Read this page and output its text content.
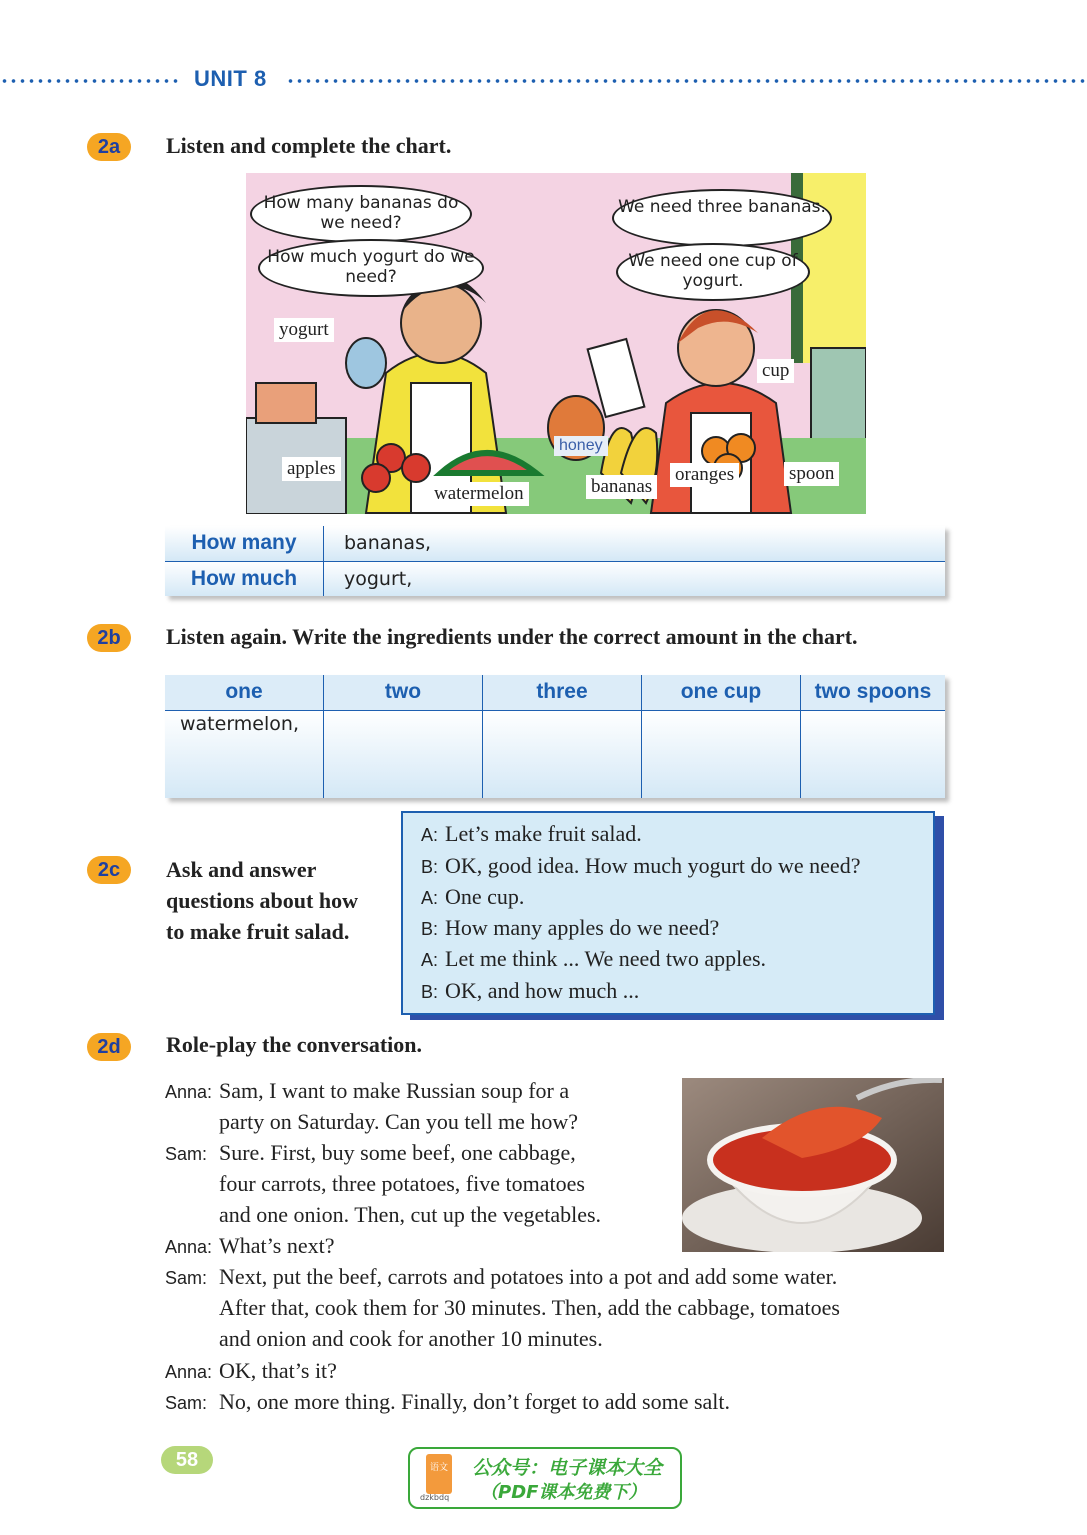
UNIT 8
2a	Listen and complete the chart.
How many bananas do we need?
How much yogurt do we need?
We need three bananas.
We need one cup of yogurt.
yogurt
cup
honey
apples
watermelon	bananas
oranges	spoon
How many	bananas,
How much	yogurt,
2b	Listen again. Write the ingredients under the correct amount in the chart.
one	two	three	one cup	two spoons
watermelon,				
2c	Ask and answer questions about how to make fruit salad.
A: Let’s make fruit salad.
B: OK, good idea. How much yogurt do we need?
A: One cup.
B: How many apples do we need?
A: Let me think ... We need two apples.
B: OK, and how much ...
2d	Role-play the conversation.
Anna: Sam, I want to make Russian soup for a
party on Saturday. Can you tell me how?
Sam: Sure. First, buy some beef, one cabbage,
four carrots, three potatoes, five tomatoes
and one onion. Then, cut up the vegetables.
Anna: What’s next?
Sam: Next, put the beef, carrots and potatoes into a pot and add some water.
After that, cook them for 30 minutes. Then, add the cabbage, tomatoes
and onion and cook for another 10 minutes.
Anna: OK, that’s it?
Sam: No, one more thing. Finally, don’t forget to add some salt.
58	语文
dzkbdq
公众号：电子课本大全
（PDF课本免费下）
